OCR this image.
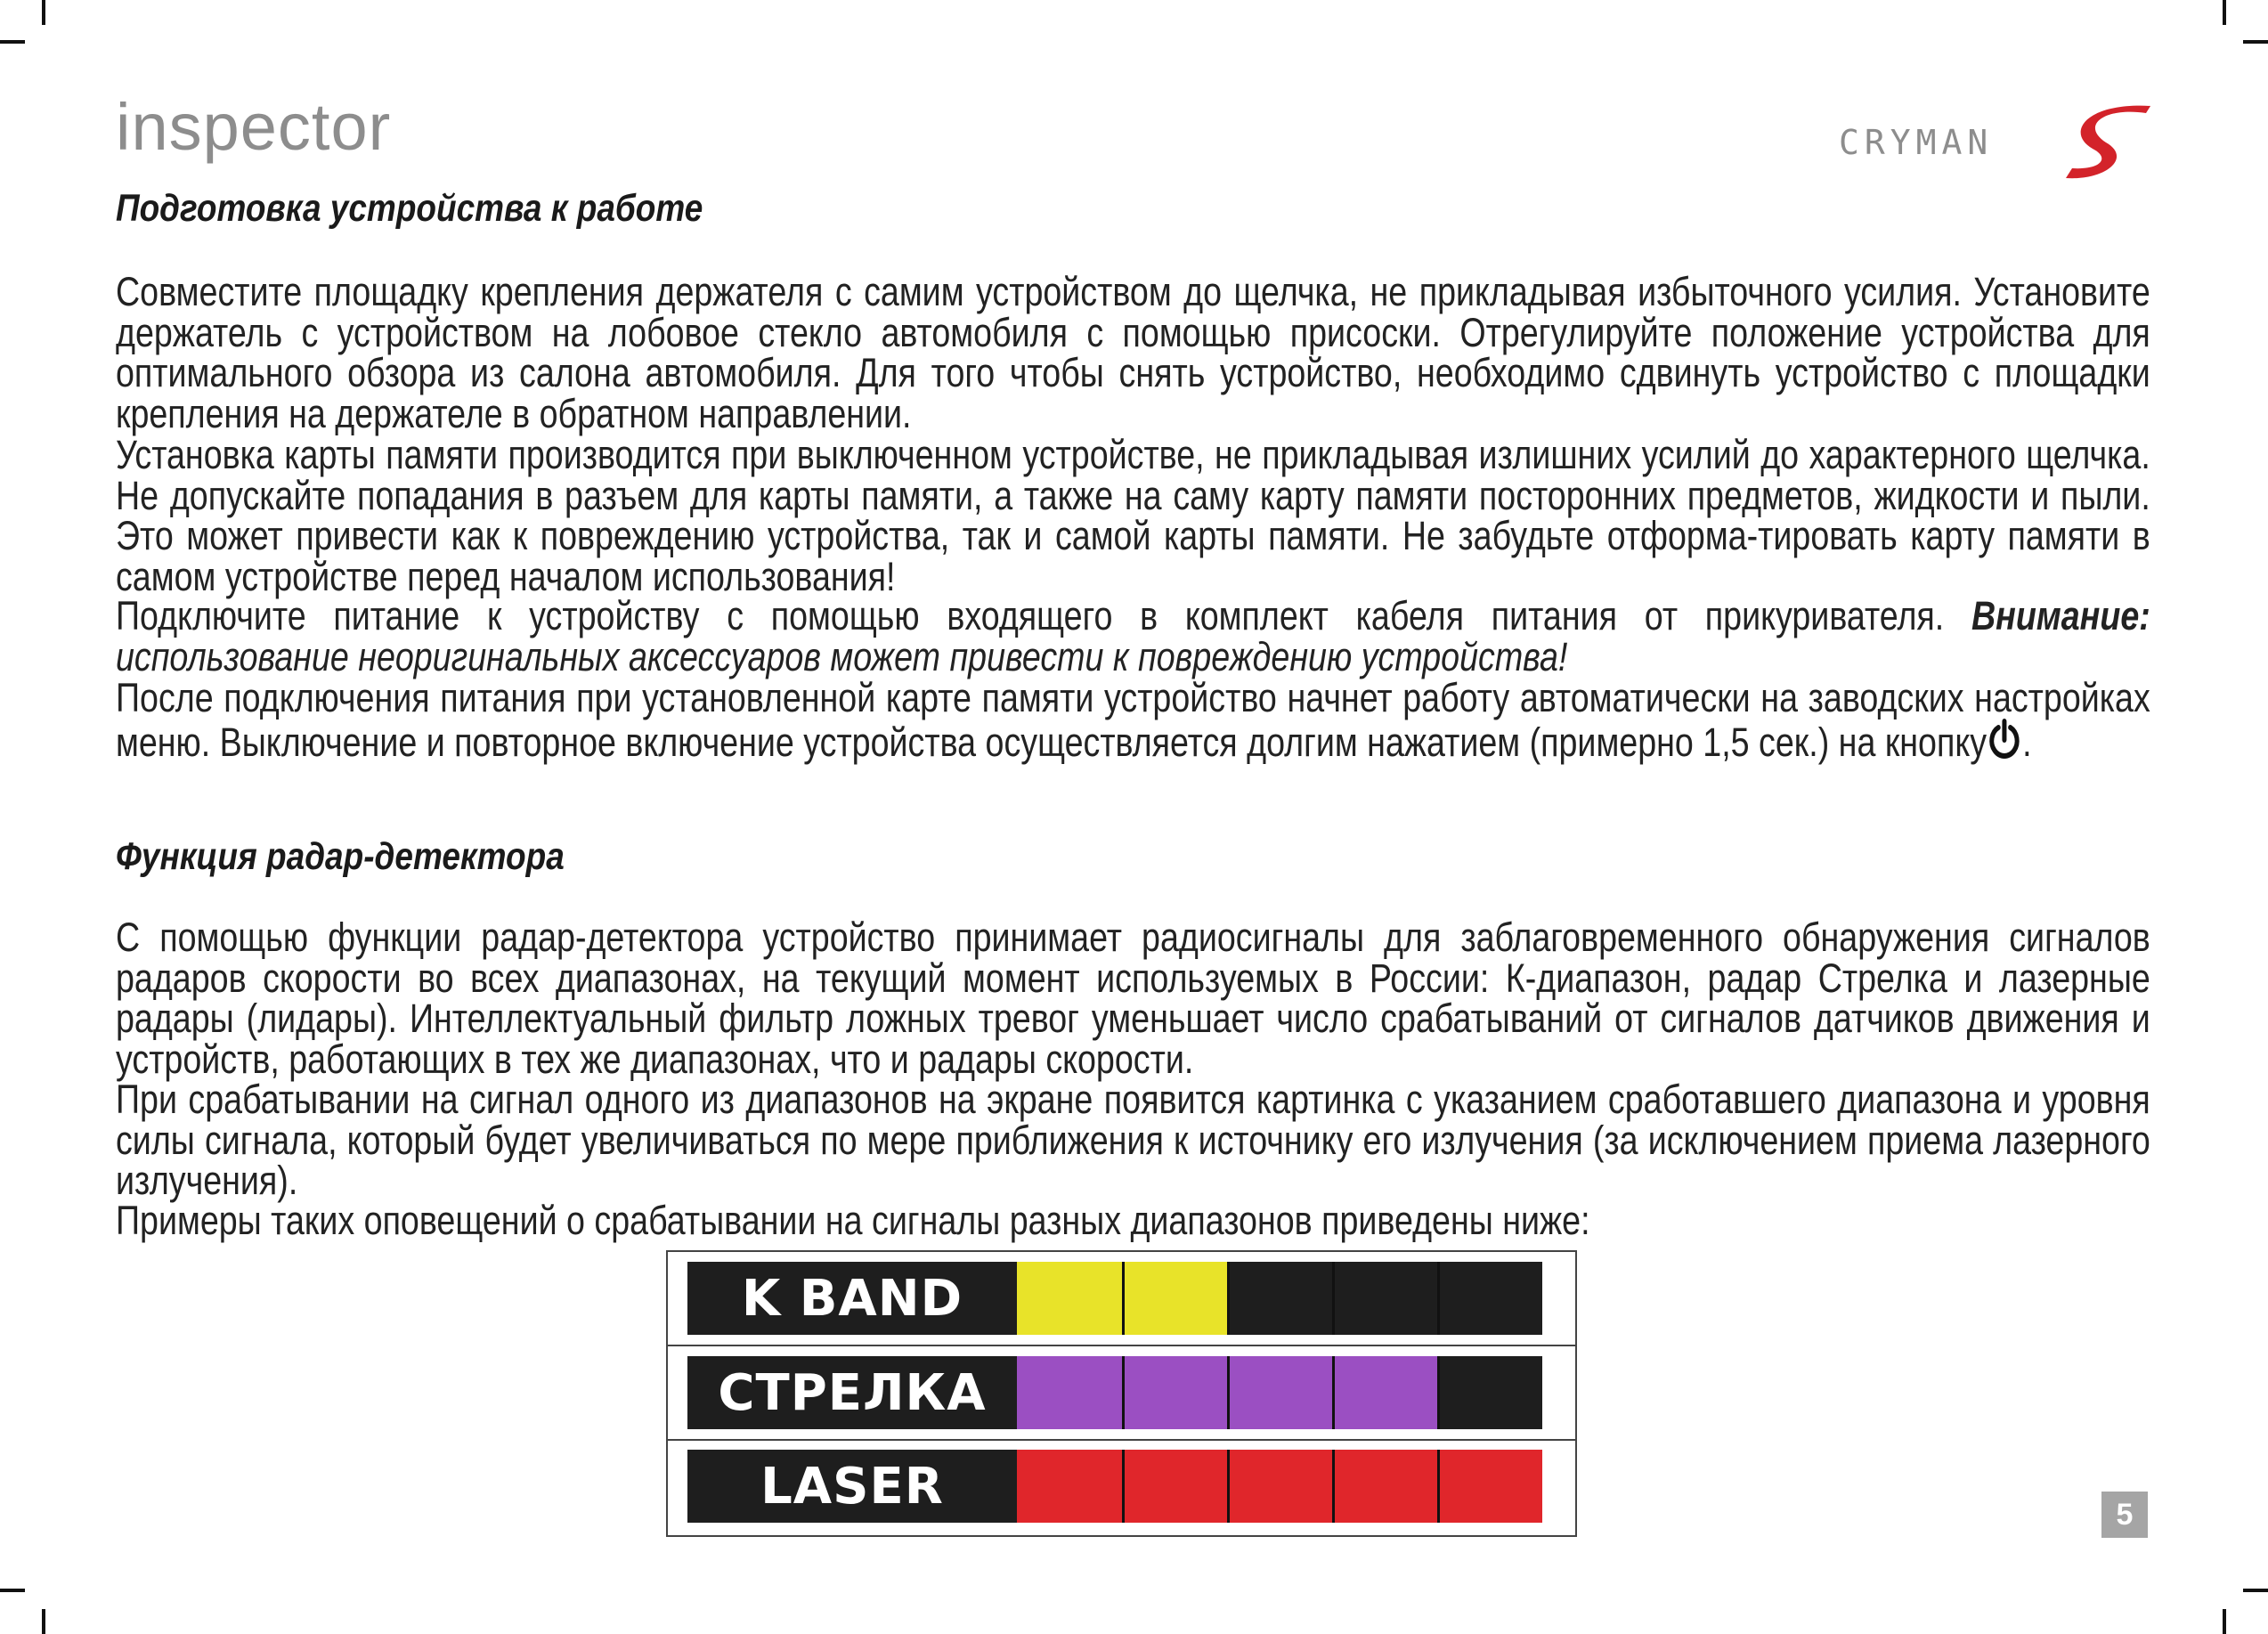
inspector	CRYMAN
Подготовка устройства к работе
Совместите площадку крепления держателя с самим устройством до щелчка, не прикладывая избыточного усилия. Установите держатель с устройством на лобовое стекло автомобиля с помощью присоски. Отрегулируйте положение устройства для оптимального обзора из салона автомобиля. Для того чтобы снять устройство, необходимо сдвинуть устройство с площадки крепления на держателе в обратном направлении.
Установка карты памяти производится при выключенном устройстве, не прикладывая излишних усилий до характерного щелчка. Не допускайте попадания в разъем для карты памяти, а также на саму карту памяти посторонних предметов, жидкости и пыли. Это может привести как к повреждению устройства, так и самой карты памяти. Не забудьте отформа-тировать карту памяти в самом устройстве перед началом использования!
Подключите питание к устройству с помощью входящего в комплект кабеля питания от прикуривателя. Внимание: использование неоригинальных аксессуаров может привести к повреждению устройства!
После подключения питания при установленной карте памяти устройство начнет работу автоматически на заводских настройках меню. Выключение и повторное включение устройства осуществляется долгим нажатием (примерно 1,5 сек.) на кнопку .
Функция радар-детектора
С помощью функции радар-детектора устройство принимает радиосигналы для заблаговременного обнаружения сигналов радаров скорости во всех диапазонах, на текущий момент используемых в России: К-диапазон, радар Стрелка и лазерные радары (лидары). Интеллектуальный фильтр ложных тревог уменьшает число срабатываний от сигналов датчиков движения и устройств, работающих в тех же диапазонах, что и радары скорости.
При срабатывании на сигнал одного из диапазонов на экране появится картинка с указанием сработавшего диапазона и уровня силы сигнала, который будет увеличиваться по мере приближения к источнику его излучения (за исключением приема лазерного излучения).
Примеры таких оповещений о срабатывании на сигналы разных диапазонов приведены ниже:
K BAND
СТРЕЛКА
LASER	5
